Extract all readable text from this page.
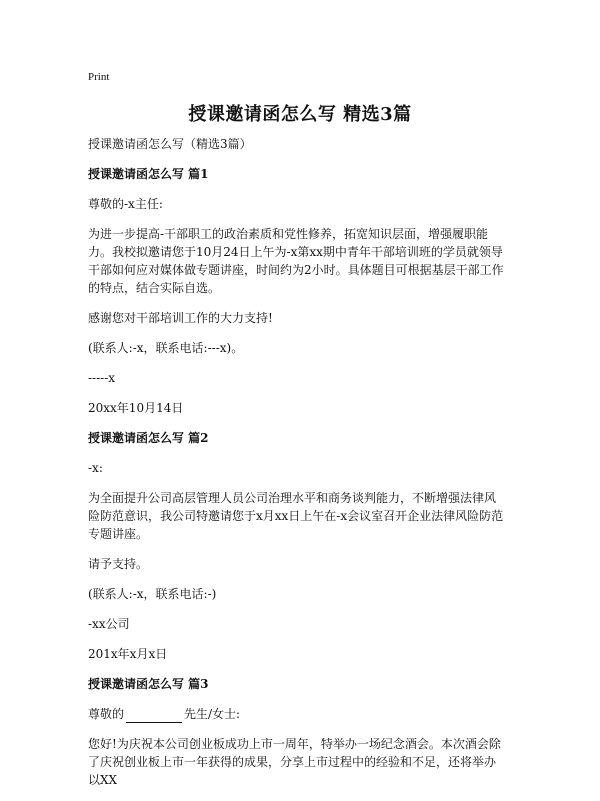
Print
授课邀请函怎么写 精选3篇

授课邀请函怎么写（精选3篇）

授课邀请函怎么写 篇1

尊敬的-x主任:

为进一步提高-干部职工的政治素质和党性修养，拓宽知识层面，增强履职能力。我校拟邀请您于10月24日上午为-x第xx期中青年干部培训班的学员就领导干部如何应对媒体做专题讲座，时间约为2小时。具体题目可根据基层干部工作的特点，结合实际自选。

感谢您对干部培训工作的大力支持!

(联系人:-x，联系电话:---x)。

-----x

20xx年10月14日

授课邀请函怎么写 篇2

-x:

为全面提升公司高层管理人员公司治理水平和商务谈判能力，不断增强法律风险防范意识，我公司特邀请您于x月xx日上午在-x会议室召开企业法律风险防范专题讲座。

请予支持。

(联系人:-x，联系电话:-)

-xx公司

201x年x月x日

授课邀请函怎么写 篇3

尊敬的	先生/女士:

您好!为庆祝本公司创业板成功上市一周年，特举办一场纪念酒会。本次酒会除了庆祝创业板上市一年获得的成果，分享上市过程中的经验和不足，还将举办以XX
